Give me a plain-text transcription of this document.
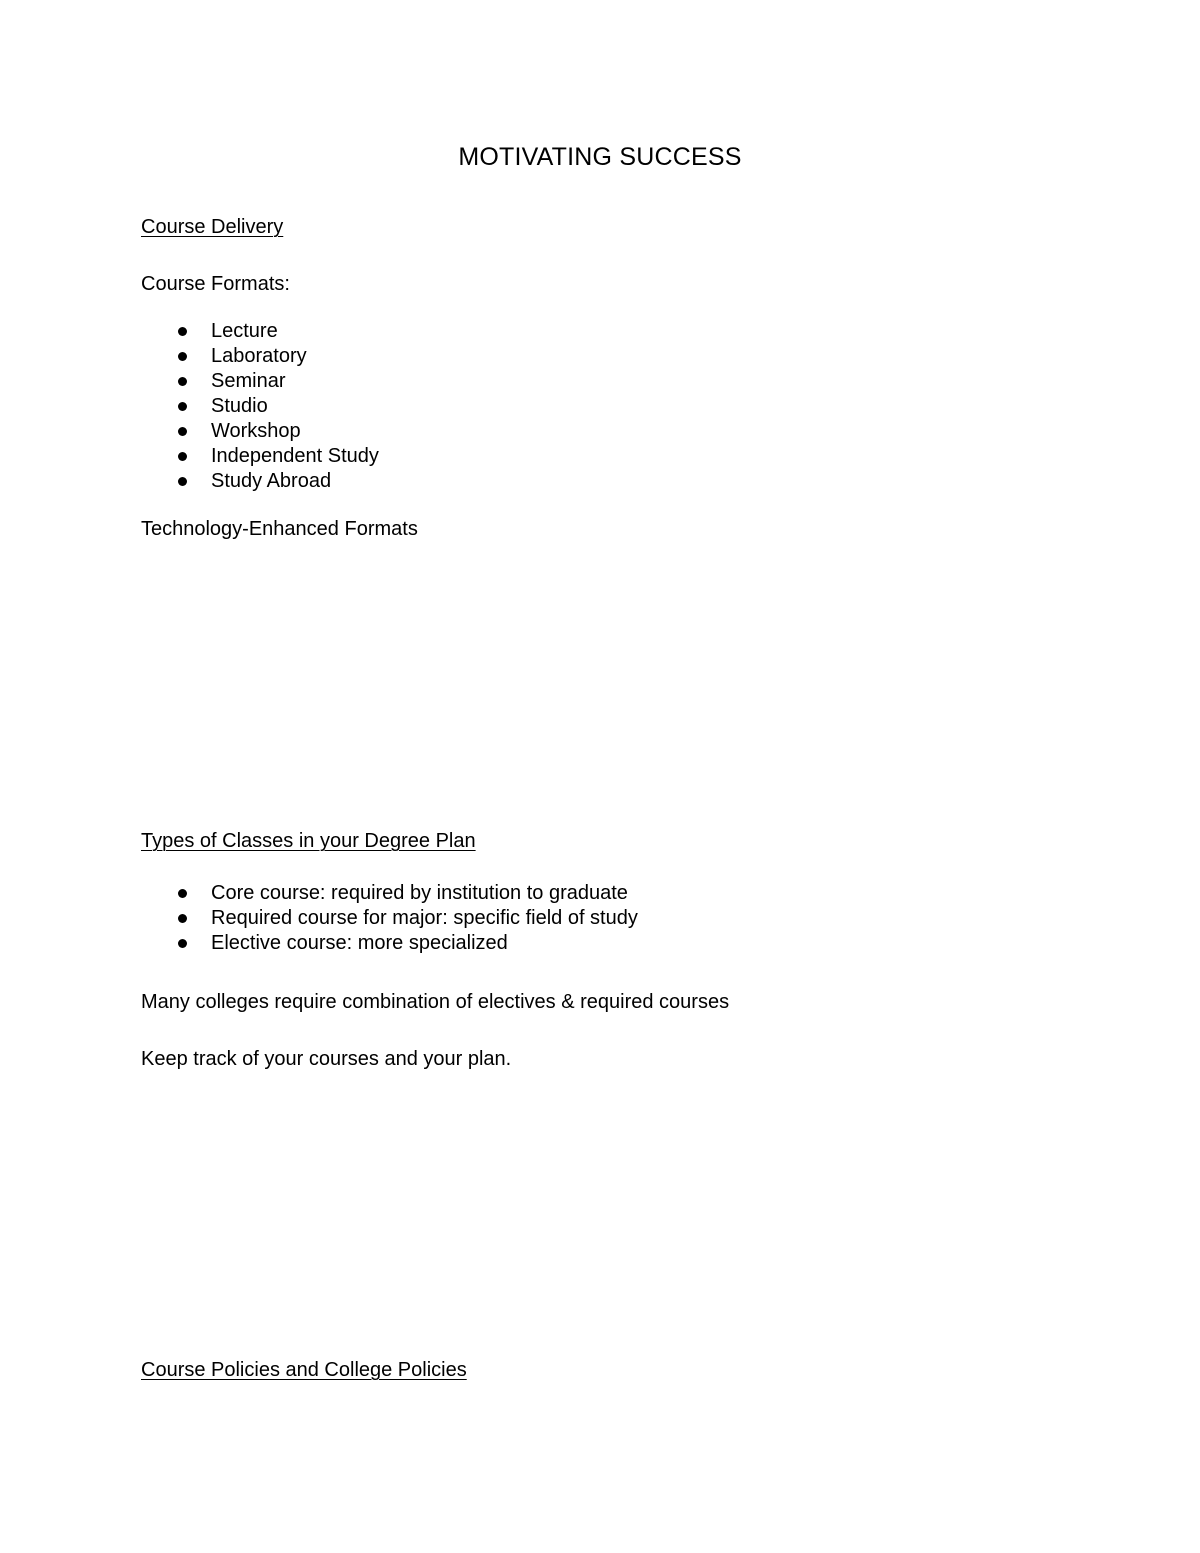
MOTIVATING SUCCESS
Course Delivery
Course Formats:
Lecture
Laboratory
Seminar
Studio
Workshop
Independent Study
Study Abroad
Technology-Enhanced Formats
Types of Classes in your Degree Plan
Core course: required by institution to graduate
Required course for major: specific field of study
Elective course: more specialized
Many colleges require combination of electives & required courses
Keep track of your courses and your plan.
Course Policies and College Policies
